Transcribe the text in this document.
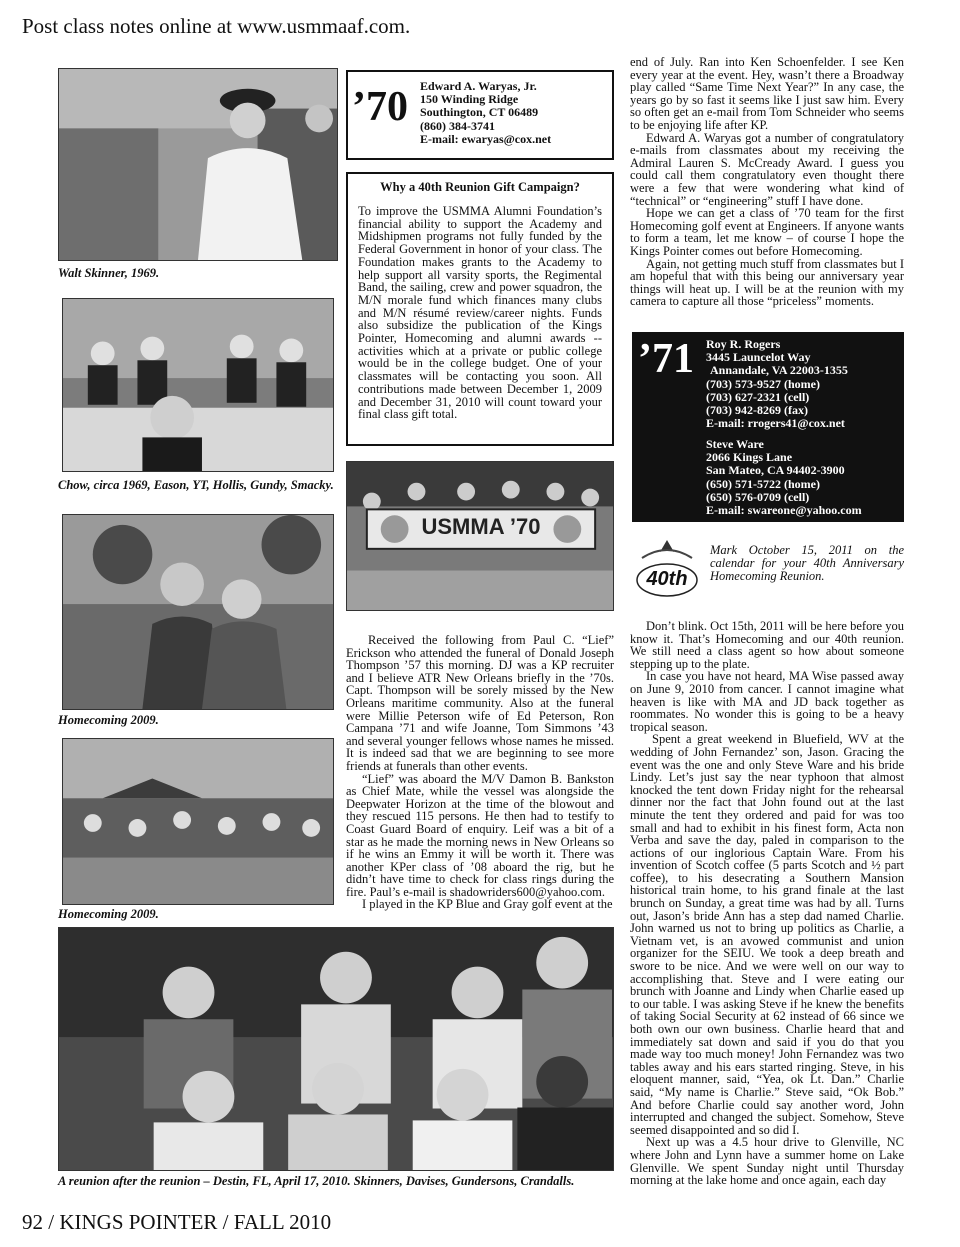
Post class notes online at www.usmmaaf.com.
92 / KINGS POINTER / FALL 2010
Walt Skinner, 1969.
Chow, circa 1969, Eason, YT, Hollis, Gundy, Smacky.
Homecoming 2009.
Homecoming 2009.
’70 Edward A. Waryas, Jr.
150 Winding Ridge
Southington, CT 06489
(860) 384-3741
E-mail: ewaryas@cox.net
Why a 40th Reunion Gift Campaign?
To improve the USMMA Alumni Foundation’s financial ability to support the Academy and Midshipmen programs not fully funded by the Federal Government in honor of your class. The Foundation makes grants to the Academy to help support all varsity sports, the Regimental Band, the sailing, crew and power squadron, the M/N morale fund which finances many clubs and M/N résumé review/career nights. Funds also subsidize the publication of the Kings Pointer, Homecoming and alumni awards -- activities which at a private or public college would be in the college budget. One of your classmates will be contacting you soon. All contributions made between December 1, 2009 and December 31, 2010 will count toward your final class gift total.
USMMA ’70

Received the following from Paul C. “Lief” Erickson who attended the funeral of Donald Joseph Thompson ’57 this morning. DJ was a KP recruiter and I believe ATR New Orleans briefly in the ’70s. Capt. Thompson will be sorely missed by the New Orleans maritime community. Also at the funeral were Millie Peterson wife of Ed Peterson, Ron Campana ’71 and wife Joanne, Tom Simmons ’43 and several younger fellows whose names he missed. It is indeed sad that we are beginning to see more friends at funerals than other events.

“Lief” was aboard the M/V Damon B. Bankston as Chief Mate, while the vessel was alongside the Deepwater Horizon at the time of the blowout and they rescued 115 persons. He then had to testify to Coast Guard Board of enquiry. Leif was a bit of a star as he made the morning news in New Orleans so if he wins an Emmy it will be worth it. There was another KPer class of ’08 aboard the rig, but he didn’t have time to check for class rings during the fire. Paul’s e-mail is shadowriders600@yahoo.com.

I played in the KP Blue and Gray golf event at the

end of July. Ran into Ken Schoenfelder. I see Ken every year at the event. Hey, wasn’t there a Broadway play called “Same Time Next Year?” In any case, the years go by so fast it seems like I just saw him. Every so often get an e-mail from Tom Schneider who seems to be enjoying life after KP.

Edward A. Waryas got a number of congratulatory e-mails from classmates about my receiving the Admiral Lauren S. McCready Award. I guess you could call them congratulatory even thought there were a few that were wondering what kind of “technical” or “engineering” stuff I have done.

Hope we can get a class of ’70 team for the first Homecoming golf event at Engineers. If anyone wants to form a team, let me know – of course I hope the Kings Pointer comes out before Homecoming.

Again, not getting much stuff from classmates but I am hopeful that with this being our anniversary year things will heat up. I will be at the reunion with my camera to capture all those “priceless” moments.

’71 Roy R. Rogers
3445 Launcelot Way
Annandale, VA 22003-1355
(703) 573-9527 (home)
(703) 627-2321 (cell)
(703) 942-8269 (fax)
E-mail: rrogers41@cox.net
Steve Ware
2066 Kings Lane
San Mateo, CA 94402-3900
(650) 571-5722 (home)
(650) 576-0709 (cell)
E-mail: swareone@yahoo.com
40th
Mark October 15, 2011 on the calendar for your 40th Anniversary Homecoming Reunion.

Don’t blink. Oct 15th, 2011 will be here before you know it. That’s Homecoming and our 40th reunion. We still need a class agent so how about someone stepping up to the plate.

In case you have not heard, MA Wise passed away on June 9, 2010 from cancer. I cannot imagine what heaven is like with MA and JD back together as roommates. No wonder this is going to be a heavy tropical season.

Spent a great weekend in Bluefield, WV at the wedding of John Fernandez’ son, Jason. Gracing the event was the one and only Steve Ware and his bride Lindy. Let’s just say the near typhoon that almost knocked the tent down Friday night for the rehearsal dinner nor the fact that John found out at the last minute the tent they ordered and paid for was too small and had to exhibit in his finest form, Acta non Verba and save the day, paled in comparison to the actions of our inglorious Captain Ware. From his invention of Scotch coffee (5 parts Scotch and ½ part coffee), to his desecrating a Southern Mansion historical train home, to his grand finale at the last brunch on Sunday, a great time was had by all. Turns out, Jason’s bride Ann has a step dad named Charlie. John warned us not to bring up politics as Charlie, a Vietnam vet, is an avowed communist and union organizer for the SEIU. We took a deep breath and swore to be nice. And we were well on our way to accomplishing that. Steve and I were eating our brunch with Joanne and Lindy when Charlie eased up to our table. I was asking Steve if he knew the benefits of taking Social Security at 62 instead of 66 since we both own our own business. Charlie heard that and immediately sat down and said if you do that you made way too much money! John Fernandez was two tables away and his ears started ringing. Steve, in his eloquent manner, said, “Yea, ok Lt. Dan.” Charlie said, “My name is Charlie.” Steve said, “Ok Bob.” And before Charlie could say another word, John interrupted and changed the subject. Somehow, Steve seemed disappointed and so did I.

Next up was a 4.5 hour drive to Glenville, NC where John and Lynn have a summer home on Lake Glenville. We spent Sunday night until Thursday morning at the lake home and once again, each day

A reunion after the reunion – Destin, FL, April 17, 2010. Skinners, Davises, Gundersons, Crandalls.
